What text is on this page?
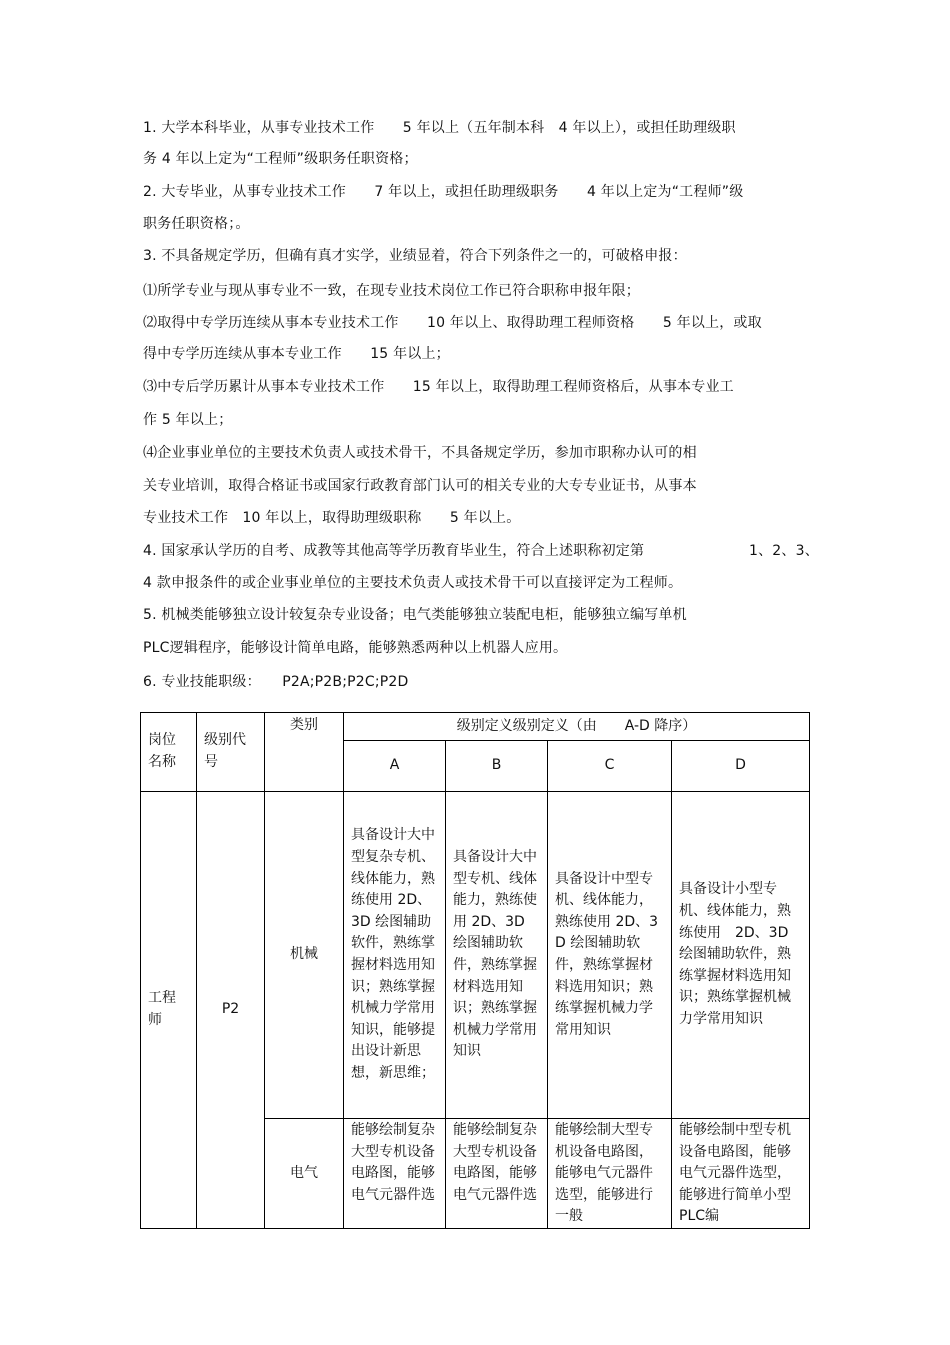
1. 大学本科毕业，从事专业技术工作　　5 年以上（五年制本科　4 年以上），或担任助理级职
务 4 年以上定为“工程师”级职务任职资格；
2. 大专毕业，从事专业技术工作　　7 年以上，或担任助理级职务　　4 年以上定为“工程师”级
职务任职资格；。
3. 不具备规定学历，但确有真才实学，业绩显着，符合下列条件之一的，可破格申报：
⑴所学专业与现从事专业不一致，在现专业技术岗位工作已符合职称申报年限；
⑵取得中专学历连续从事本专业技术工作　　10 年以上、取得助理工程师资格　　5 年以上，或取
得中专学历连续从事本专业工作　　15 年以上；
⑶中专后学历累计从事本专业技术工作　　15 年以上，取得助理工程师资格后，从事本专业工
作 5 年以上；
⑷企业事业单位的主要技术负责人或技术骨干，不具备规定学历，参加市职称办认可的相
关专业培训，取得合格证书或国家行政教育部门认可的相关专业的大专专业证书，从事本
专业技术工作　10 年以上，取得助理级职称　　5 年以上。
4. 国家承认学历的自考、成教等其他高等学历教育毕业生，符合上述职称初定第	1、2、3、
4 款申报条件的或企业事业单位的主要技术负责人或技术骨干可以直接评定为工程师。
5. 机械类能够独立设计较复杂专业设备；电气类能够独立装配电柜，能够独立编写单机
PLC逻辑程序，能够设计简单电路，能够熟悉两种以上机器人应用。
6. 专业技能职级：　　P2A;P2B;P2C;P2D
岗位名称	级别代号	类别	级别定义级别定义（由　　A-D 降序）			

			A	B	C	D

工程师	P2	机械	具备设计大中型复杂专机、线体能力，熟练使用 2D、3D 绘图辅助软件，熟练掌握材料选用知识；熟练掌握机械力学常用知识，能够提出设计新思想，新思维；	具备设计大中型专机、线体能力，熟练使用 2D、3D 绘图辅助软件，熟练掌握材料选用知识；熟练掌握机械力学常用知识	具备设计中型专机、线体能力，熟练使用 2D、3D 绘图辅助软件，熟练掌握材料选用知识；熟练掌握机械力学常用知识	具备设计小型专机、线体能力，熟练使用　2D、3D绘图辅助软件，熟练掌握材料选用知识；熟练掌握机械力学常用知识

		电气	能够绘制复杂大型专机设备电路图，能够电气元器件选	能够绘制复杂大型专机设备电路图，能够电气元器件选	能够绘制大型专机设备电路图，能够电气元器件选型，能够进行一般	能够绘制中型专机设备电路图，能够电气元器件选型，能够进行简单小型　PLC编
